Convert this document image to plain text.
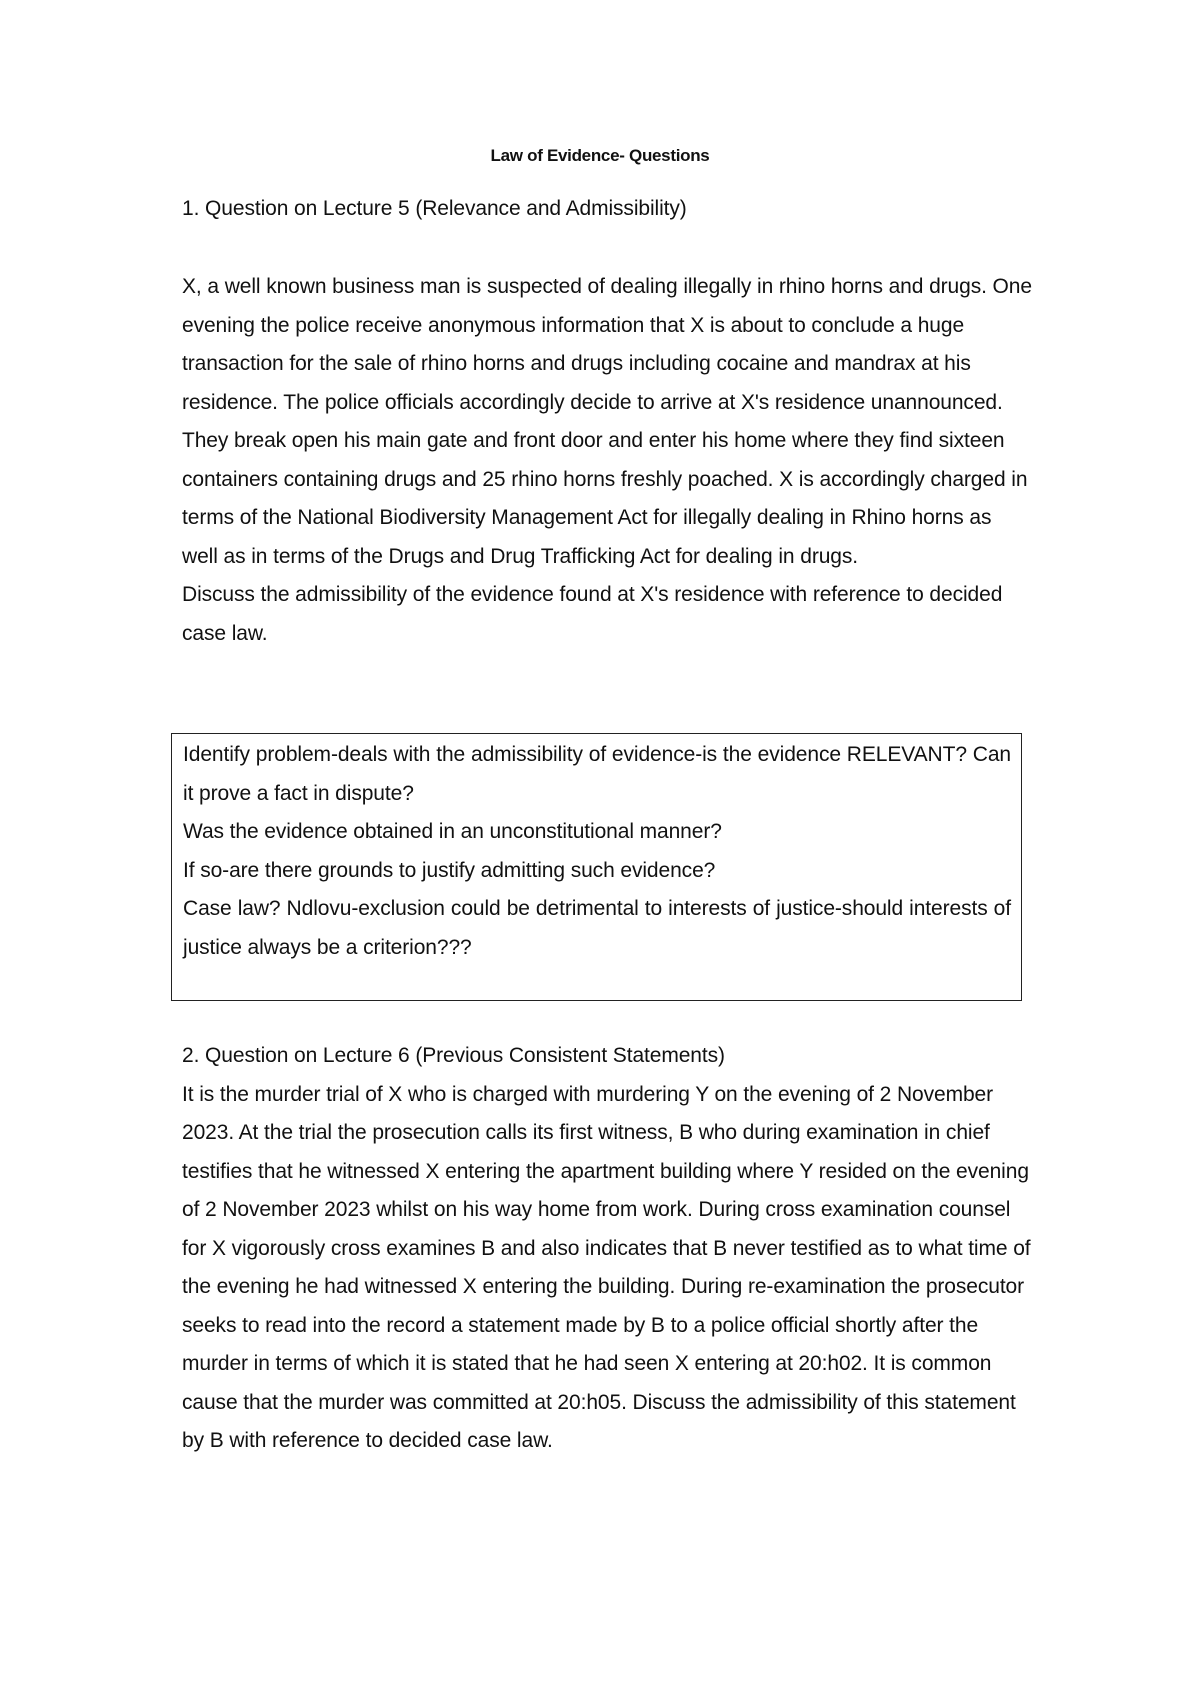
Law of Evidence- Questions
1. Question on Lecture 5 (Relevance and Admissibility)

X, a well known business man is suspected of dealing illegally in rhino horns and drugs. One evening the police receive anonymous information that X is about to conclude a huge transaction for the sale of rhino horns and drugs including cocaine and mandrax at his residence. The police officials accordingly decide to arrive at X's residence unannounced. They break open his main gate and front door and enter his home where they find sixteen containers containing drugs and 25 rhino horns freshly poached. X is accordingly charged in terms of the National Biodiversity Management Act for illegally dealing in Rhino horns as well as in terms of the Drugs and Drug Trafficking Act for dealing in drugs.

Discuss the admissibility of the evidence found at X's residence with reference to decided case law.

Identify problem-deals with the admissibility of evidence-is the evidence RELEVANT? Can it prove a fact in dispute?

Was the evidence obtained in an unconstitutional manner?

If so-are there grounds to justify admitting such evidence?

Case law? Ndlovu-exclusion could be detrimental to interests of justice-should interests of justice always be a criterion???

2. Question on Lecture 6 (Previous Consistent Statements)

It is the murder trial of X who is charged with murdering Y on the evening of 2 November 2023. At the trial the prosecution calls its first witness, B who during examination in chief testifies that he witnessed X entering the apartment building where Y resided on the evening of 2 November 2023 whilst on his way home from work. During cross examination counsel for X vigorously cross examines B and also indicates that B never testified as to what time of the evening he had witnessed X entering the building. During re-examination the prosecutor seeks to read into the record a statement made by B to a police official shortly after the murder in terms of which it is stated that he had seen X entering at 20:h02. It is common cause that the murder was committed at 20:h05. Discuss the admissibility of this statement by B with reference to decided case law.
